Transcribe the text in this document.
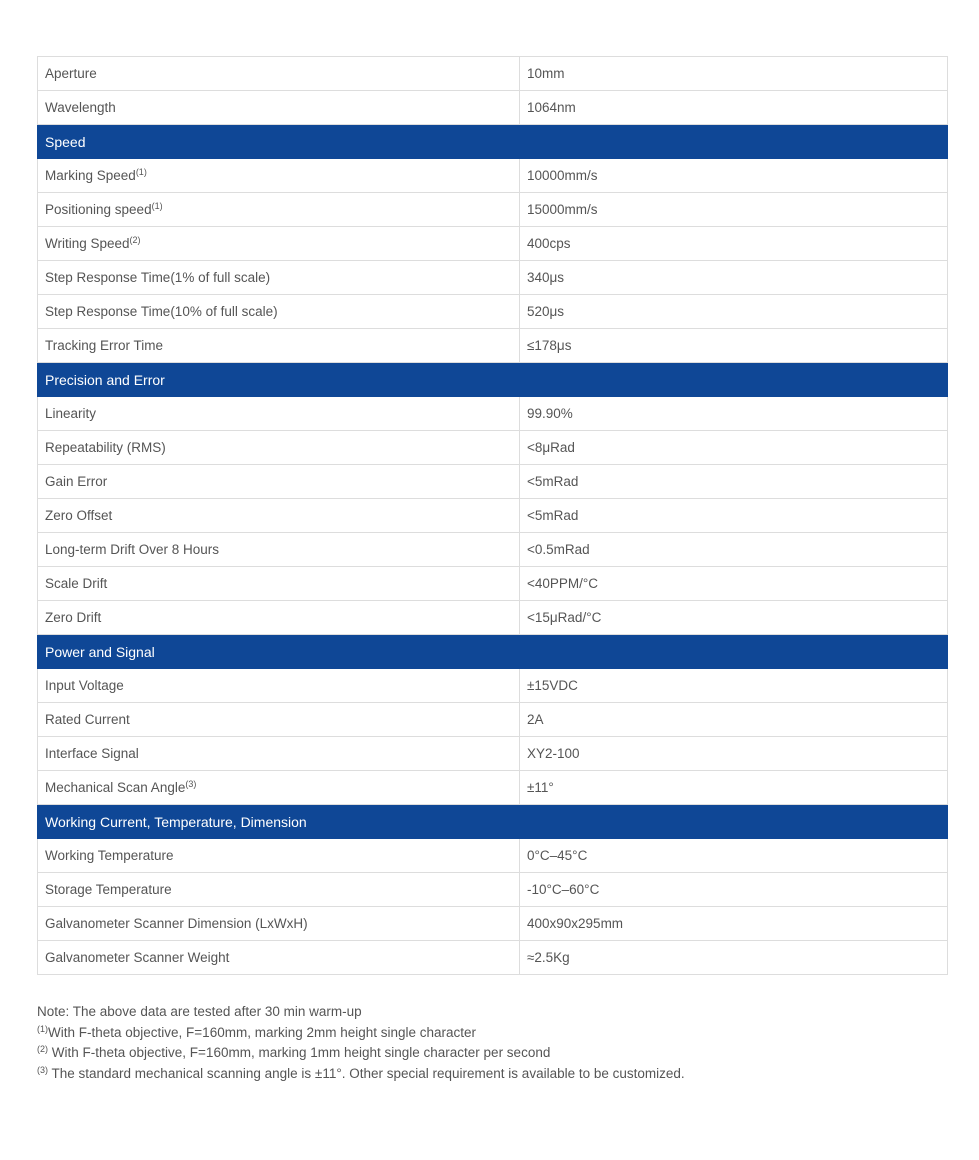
Aperture	10mm
Wavelength	1064nm
Speed	
Marking Speed$^{(1)}$	10000mm/s
Positioning speed$^{(1)}$	15000mm/s
Writing Speed$^{(2)}$	400cps
Step Response Time(1% of full scale)	340μs
Step Response Time(10% of full scale)	520μs
Tracking Error Time	≤178μs
Precision and Error	
Linearity	99.90%
Repeatability (RMS)	<8μRad
Gain Error	<5mRad
Zero Offset	<5mRad
Long-term Drift Over 8 Hours	<0.5mRad
Scale Drift	<40PPM/°C
Zero Drift	<15μRad/°C
Power and Signal	
Input Voltage	±15VDC
Rated Current	2A
Interface Signal	XY2-100
Mechanical Scan Angle$^{(3)}$	±11°
Working Current, Temperature, Dimension	
Working Temperature	0°C–45°C
Storage Temperature	-10°C–60°C
Galvanometer Scanner Dimension (LxWxH)	400x90x295mm
Galvanometer Scanner Weight	≈2.5Kg
Note: The above data are tested after 30 min warm-up
$^{(1)}$With F-theta objective, F=160mm, marking 2mm height single character
$^{(2)}$ With F-theta objective, F=160mm, marking 1mm height single character per second
$^{(3)}$ The standard mechanical scanning angle is ±11°. Other special requirement is available to be customized.
